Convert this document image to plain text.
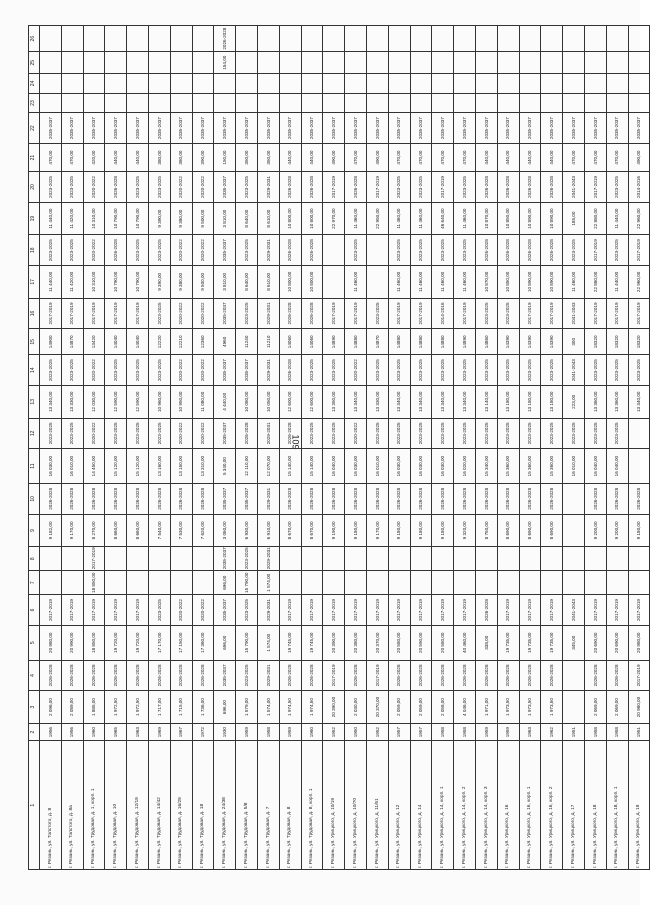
109
1	2	3	4	5	6	7	8	9	10	11	12	13	14	15	16	17	18	19	20	21	22	23	24	25	26
г. Рязань, ул. Толстого, д. 8	1956	2 096,00	2026-2028	20 980,00	2017-2019			9 182,00	2026-2028	16 030,00	2023-2025	13 340,00	2023-2025	14900	2017-2019	11 440,00	2023-2025	11 440,00	2023-2025	470,00	2035-2037				
г. Рязань, ул. Толстого, д. 8а	1956	2 089,00	2026-2028	20 990,00	2017-2019			9 170,00	2026-2028	16 010,00	2023-2025	13 330,00	2023-2025	14870	2017-2019	11 420,00	2023-2025	11 420,00	2023-2025	470,00	2035-2037				
г. Рязань, ул. Трудовая, д. 1, корп. 1	1960	1 885,00	2026-2028	18 850,00	2017-2019	18 850,00	2017-2019	8 270,00	2026-2028	14 450,00	2020-2022	12 030,00	2020-2022	13420	2017-2019	10 310,00	2020-2022	10 310,00	2020-2022	420,00	2035-2037				
г. Рязань, ул. Трудовая, д. 10	1965	1 972,50	2026-2028	19 720,00	2017-2019			8 660,00	2026-2028	15 120,00	2023-2025	12 590,00	2023-2025	14040	2017-2019	10 790,00	2026-2028	10 790,00	2026-2028	440,00	2035-2037				
г. Рязань, ул. Трудовая, д. 12/19	1963	1 972,50	2026-2028	19 720,00	2017-2019			8 660,00	2026-2028	15 120,00	2023-2025	12 590,00	2023-2025	14040	2017-2019	10 790,00	2023-2025	10 790,00	2023-2025	440,00	2035-2037				
г. Рязань, ул. Трудовая, д. 14/42	1969	1 717,00	2026-2028	17 170,00	2023-2025			7 540,00	2026-2028	13 160,00	2023-2025	10 960,00	2023-2025	12220	2023-2025	9 390,00	2023-2025	9 390,00	2023-2025	380,00	2035-2037				
г. Рязань, ул. Трудовая, д. 16/29	1967	1 715,00	2026-2028	17 150,00	2020-2022			7 530,00	2026-2028	13 150,00	2020-2022	10 950,00	2020-2022	12210	2020-2022	9 380,00	2020-2022	9 380,00	2020-2022	380,00	2035-2037				
г. Рязань, ул. Трудовая, д. 18	1972	1 736,00	2026-2028	17 360,00	2020-2022			7 620,00	2026-2028	13 310,00	2020-2022	11 080,00	2020-2022	12360	2020-2022	9 500,00	2020-2022	9 500,00	2020-2022	390,00	2035-2037				
г. Рязань, ул. Трудовая, д. 24/38	1930	696,00	2035-2037	696,00	2035-2037	696,00	2035-2037	3 060,00	2035-2037	5 340,00	2035-2037	4 440,00	2035-2037	4960	2035-2037	3 810,00	2035-2037	3 810,00	2035-2037	150,00	2035-2037			154,00	2026-2028
г. Рязань, ул. Трудовая, д. 5/8	1959	1 579,00	2023-2025	15 790,00	2023-2025	15 790,00	2023-2025	6 930,00	2035-2037	12 110,00	2026-2028	10 080,00	2035-2037	11240	2023-2025	8 640,00	2023-2025	8 640,00	2023-2025	350,00	2035-2037				
г. Рязань, ул. Трудовая, д. 7	1958	1 574,00	2029-2031	1 574,00	2029-2031	1 574,00	2029-2031	6 910,00	2029-2031	12 070,00	2029-2031	10 050,00	2029-2031	11210	2029-2031	8 610,00	2029-2031	8 610,00	2029-2031	350,00	2035-2037				
г. Рязань, ул. Трудовая, д. 8	1959	1 974,50	2026-2028	19 745,00	2017-2019			8 670,00	2026-2028	15 140,00	2026-2028	12 600,00	2026-2028	14060	2026-2028	10 800,00	2026-2028	10 800,00	2026-2028	440,00	2035-2037				
г. Рязань, ул. Трудовая, д. 8, корп. 1	1960	1 974,50	2026-2028	19 745,00	2017-2019			8 670,00	2026-2028	15 140,00	2023-2025	12 600,00	2023-2025	14060	2026-2028	10 800,00	2026-2028	10 800,00	2026-2028	440,00	2035-2037				
г. Рязань, ул. Урицкого, д. 10/19	1952	20 390,00	2017-2019	20 390,00	2017-2019			9 190,00	2026-2028	16 040,00	2023-2025	13 350,00	2023-2025	14890	2017-2019			22 970,00	2017-2019	490,00	2035-2037				
г. Рязань, ул. Урицкого, д. 10/70	1950	2 030,00	2026-2028	20 380,00	2017-2019			9 180,00	2026-2028	16 030,00	2020-2022	13 340,00	2020-2022	14880	2017-2019	11 460,00	2023-2025	11 460,00	2026-2028	470,00	2035-2037				
г. Рязань, ул. Урицкого, д. 11/61	1952	20 370,00	2017-2019	20 370,00	2017-2019			9 170,00	2026-2028	16 010,00	2023-2025	13 330,00	2023-2025	14870	2023-2025			22 950,00	2017-2019	490,00	2035-2037				
г. Рязань, ул. Урицкого, д. 12	1957	2 059,00	2026-2028	20 580,00	2017-2019			9 180,00	2026-2028	16 030,00	2023-2025	13 340,00	2023-2025	14880	2017-2019	11 460,00	2023-2025	11 460,00	2023-2025	470,00	2035-2037				
г. Рязань, ул. Урицкого, д. 14	1957	2 059,00	2026-2028	20 590,00	2017-2019			9 180,00	2026-2028	16 030,00	2023-2025	13 340,00	2023-2025	14880	2017-2019	11 460,00	2023-2025	11 460,00	2023-2025	470,00	2035-2037				
г. Рязань, ул. Урицкого, д. 14, корп. 1	1958	2 058,00	2026-2028	20 580,00	2017-2019			9 180,00	2026-2028	16 030,00	2023-2025	13 340,00	2023-2025	14880	2014-2016	11 460,00	2023-2025	46 640,00	2017-2019	470,00	2035-2037				
г. Рязань, ул. Урицкого, д. 14, корп. 2	1958	4 046,00	2026-2028	40 460,00	2017-2019			9 320,00	2026-2028	16 020,00	2023-2025	13 340,00	2023-2025	14890	2017-2019	11 460,00	2023-2025	11 460,00	2023-2025	470,00	2035-2037				
г. Рязань, ул. Урицкого, д. 14, корп. 3	1959	1 971,00	2026-2028	338,00	2026-2028			8 750,00	2026-2028	15 340,00	2023-2025	13 140,00	2023-2025	14860	2023-2025	10 870,00	2026-2028	10 870,00	2026-2028	440,00	2035-2037				
г. Рязань, ул. Урицкого, д. 16	1959	1 973,50	2026-2028	19 735,00	2017-2019			8 690,00	2026-2028	15 360,00	2023-2025	13 180,00	2023-2025	14390	2023-2025	10 850,00	2026-2028	10 850,00	2026-2028	440,00	2035-2037				
г. Рязань, ул. Урицкого, д. 16, корп. 1	1963	1 973,50	2026-2028	19 735,00	2017-2019			8 690,00	2026-2028	15 360,00	2023-2025	13 180,00	2023-2025	14390	2017-2019	10 890,00	2026-2028	10 890,00	2026-2028	440,00	2035-2037				
г. Рязань, ул. Урицкого, д. 16, корп. 2	1962	1 973,50	2026-2028	19 735,00	2017-2019			8 690,00	2026-2028	15 360,00	2023-2025	13 180,00	2023-2025	14390	2017-2019	10 890,00	2026-2028	10 890,00	2026-2028	440,00	2035-2037				
г. Рязань, ул. Урицкого, д. 17	1951			345,00	2041-2043					16 010,00	2023-2025	223,00	2041-2043	300	2041-2043	11 460,00	2023-2025	185,00	2041-2043	470,00	2035-2037				
г. Рязань, ул. Урицкого, д. 18	1958	2 069,00	2026-2028	20 690,00	2017-2019			9 200,00	2026-2028	16 040,00	2023-2025	13 360,00	2023-2025	18320	2017-2019	22 880,00	2017-2019	22 880,00	2017-2019	470,00	2035-2037				
г. Рязань, ул. Урицкого, д. 18, корп. 1	1958	2 069,00	2026-2028	20 690,00	2017-2019			9 200,00	2026-2028	16 040,00	2023-2025	13 360,00	2023-2025	18320	2017-2019	11 440,00	2023-2025	11 440,00	2023-2025	470,00	2035-2037				
г. Рязань, ул. Урицкого, д. 19	1951	20 980,00	2017-2019	20 980,00	2017-2019			9 180,00	2026-2028			13 340,00	2023-2025	18320	2017-2019	22 960,00	2017-2019	22 960,00	2014-2016	490,00	2035-2037				
